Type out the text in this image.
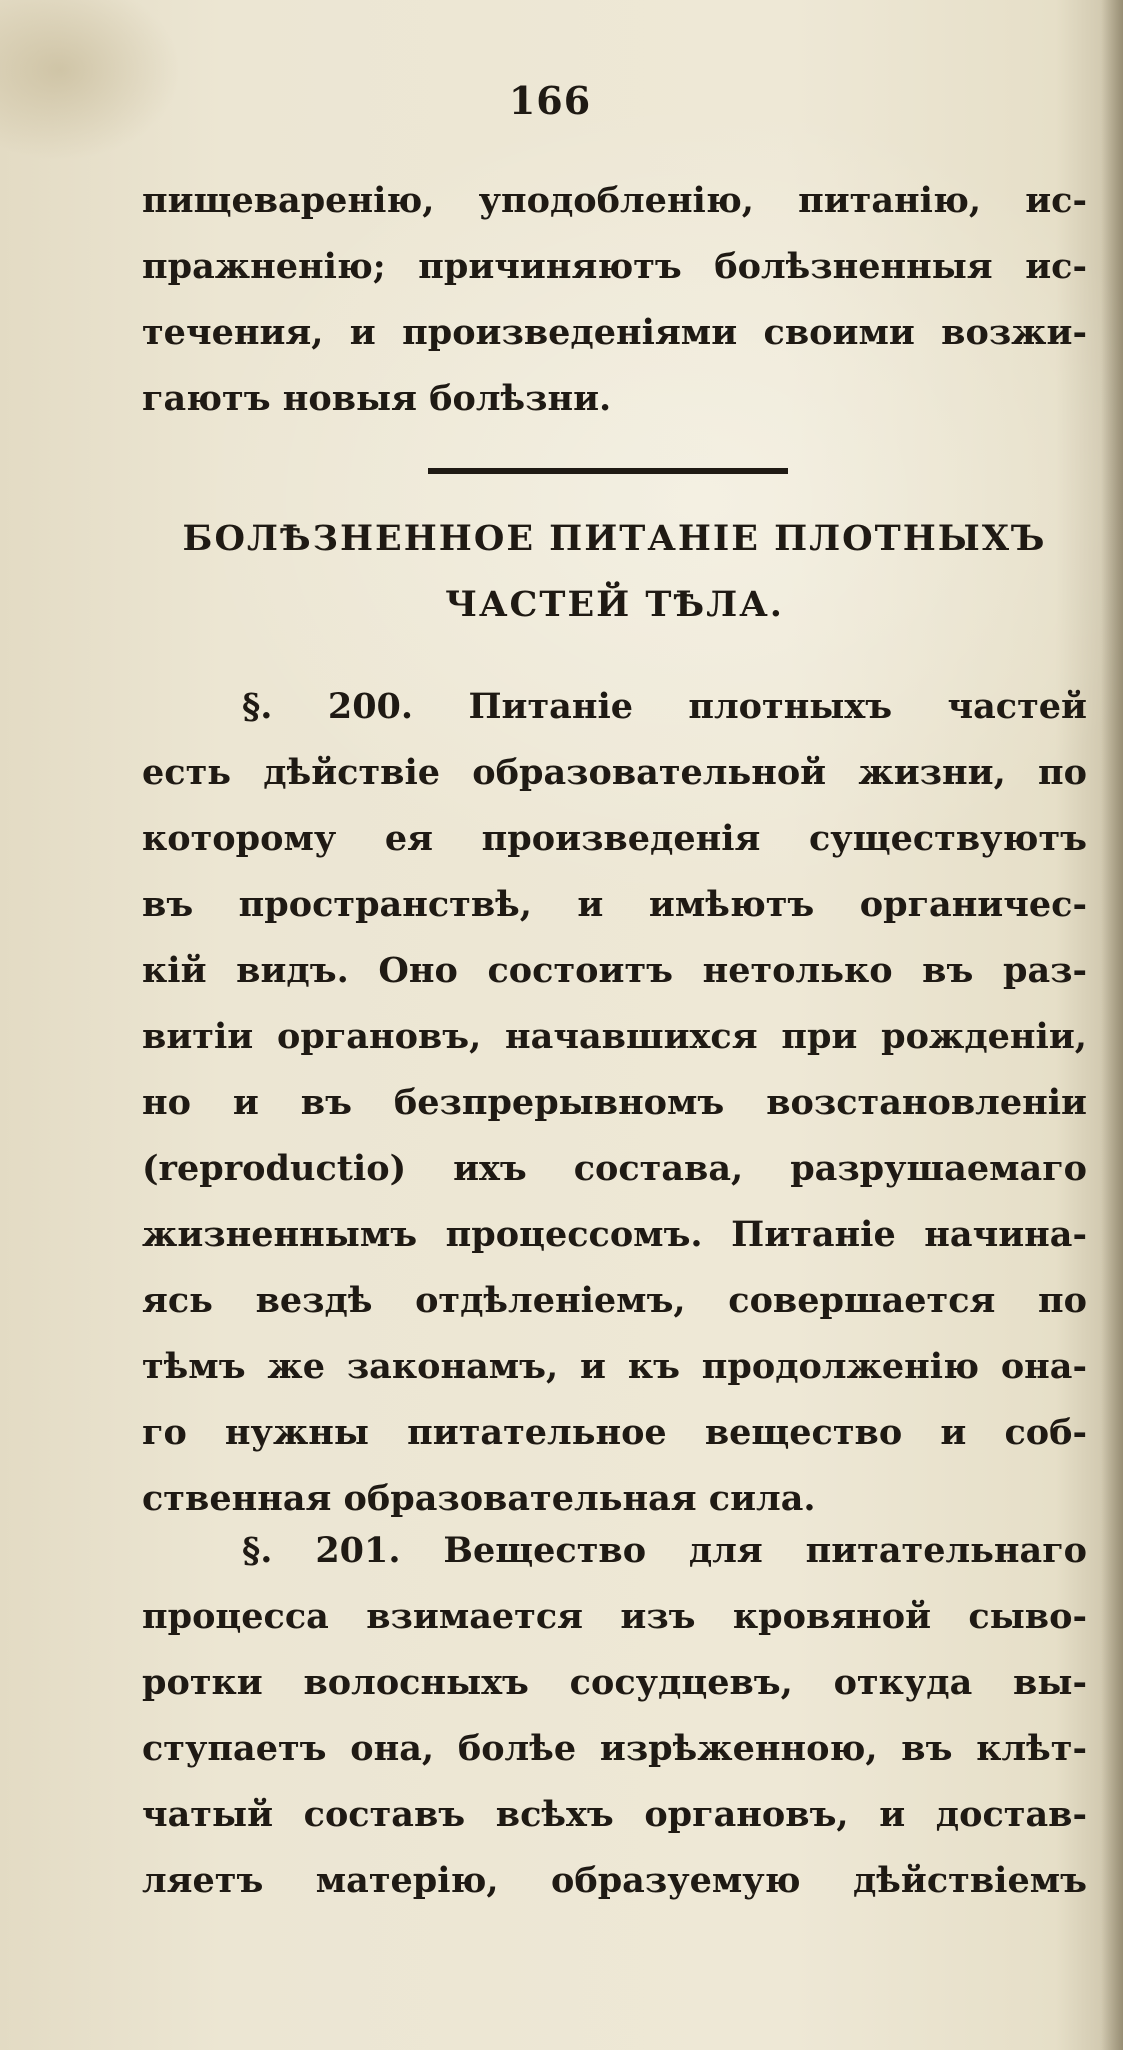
166
пищеваренію, уподобленію, питанію, ис-
пражненію; причиняютъ болѣзненныя ис-
течения, и произведеніями своими возжи-
гаютъ новыя болѣзни.
БОЛѢЗНЕННОЕ ПИТАНІЕ ПЛОТНЫХЪ
ЧАСТЕЙ ТѢЛА.
§. 200. Питаніе плотныхъ частей
есть дѣйствіе образовательной жизни, по
которому ея произведенія существуютъ
въ пространствѣ, и имѣютъ органичес-
кій видъ. Оно состоитъ нетолько въ раз-
витіи органовъ, начавшихся при рожденіи,
но и въ безпрерывномъ возстановленіи
(reproductio) ихъ состава, разрушаемаго
жизненнымъ процессомъ. Питаніе начина-
ясь вездѣ отдѣленіемъ, совершается по
тѣмъ же законамъ, и къ продолженію она-
го нужны питательное вещество и соб-
ственная образовательная сила.
§. 201. Вещество для питательнаго
процесса взимается изъ кровяной сыво-
ротки волосныхъ сосудцевъ, откуда вы-
ступаетъ она, болѣе изрѣженною, въ клѣт-
чатый составъ всѣхъ органовъ, и достав-
ляетъ матерію, образуемую дѣйствіемъ
